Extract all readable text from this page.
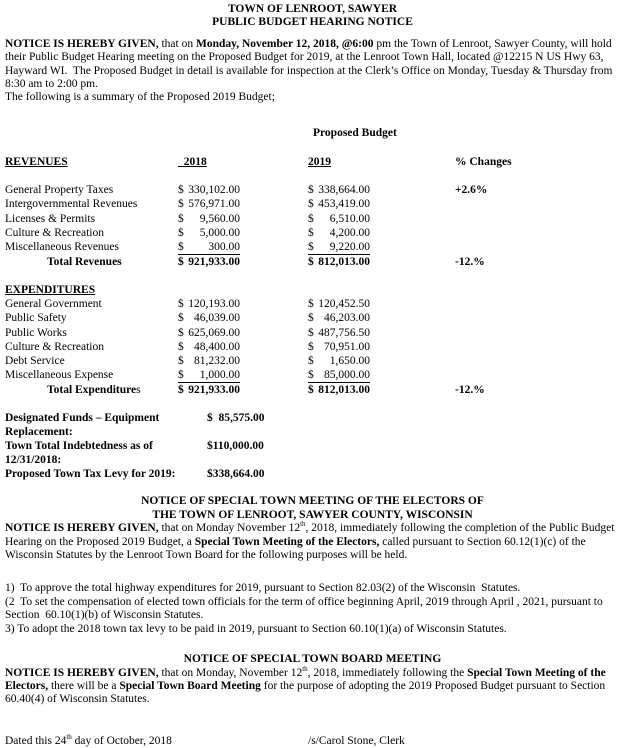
TOWN OF LENROOT, SAWYER
PUBLIC BUDGET HEARING NOTICE
NOTICE IS HEREBY GIVEN, that on Monday, November 12, 2018, @6:00 pm the Town of Lenroot, Sawyer County, will hold their Public Budget Hearing meeting on the Proposed Budget for 2019, at the Lenroot Town Hall, located @12215 N US Hwy 63, Hayward WI.  The Proposed Budget in detail is available for inspection at the Clerk’s Office on Monday, Tuesday & Thursday from 8:30 am to 2:00 pm.
The following is a summary of the Proposed 2019 Budget;
Proposed Budget
REVENUES	2018	2019	% Changes
General Property Taxes	$ 330,102.00	$ 338,664.00	+2.6%
Intergovernmental Revenues	$ 576,971.00	$ 453,419.00
Licenses & Permits	$ 9,560.00	$ 6,510.00
Culture & Recreation	$ 5,000.00	$ 4,200.00
Miscellaneous Revenues	$ 300.00	$ 9,220.00
Total Revenues	$ 921,933.00	$ 812,013.00	-12.%
EXPENDITURES
General Government	$ 120,193.00	$ 120,452.50
Public Safety	$ 46,039.00	$ 46,203.00
Public Works	$ 625,069.00	$ 487,756.50
Culture & Recreation	$ 48,400.00	$ 70,951.00
Debt Service	$ 81,232.00	$ 1,650.00
Miscellaneous Expense	$ 1,000.00	$ 85,000.00
Total Expenditures	$ 921,933.00	$ 812,013.00	-12.%
Designated Funds – Equipment Replacement:
$  85,575.00
Town Total Indebtedness as of 12/31/2018:
$110,000.00
Proposed Town Tax Levy for 2019:	$338,664.00
NOTICE OF SPECIAL TOWN MEETING OF THE ELECTORS OF
THE TOWN OF LENROOT, SAWYER COUNTY, WISCONSIN
NOTICE IS HEREBY GIVEN, that on Monday November 12th, 2018, immediately following the completion of the Public Budget Hearing on the Proposed 2019 Budget, a Special Town Meeting of the Electors, called pursuant to Section 60.12(1)(c) of the Wisconsin Statutes by the Lenroot Town Board for the following purposes will be held.
1)  To approve the total highway expenditures for 2019, pursuant to Section 82.03(2) of the Wisconsin  Statutes.
(2  To set the compensation of elected town officials for the term of office beginning April, 2019 through April , 2021, pursuant to Section  60.10(1)(b) of Wisconsin Statutes.
3) To adopt the 2018 town tax levy to be paid in 2019, pursuant to Section 60.10(1)(a) of Wisconsin Statutes.
NOTICE OF SPECIAL TOWN BOARD MEETING
NOTICE IS HEREBY GIVEN, that on Monday, November 12th, 2018, immediately following the Special Town Meeting of the Electors, there will be a Special Town Board Meeting for the purpose of adopting the 2019 Proposed Budget pursuant to Section 60.40(4) of Wisconsin Statutes.
Dated this 24th day of October, 2018	/s/Carol Stone, Clerk
